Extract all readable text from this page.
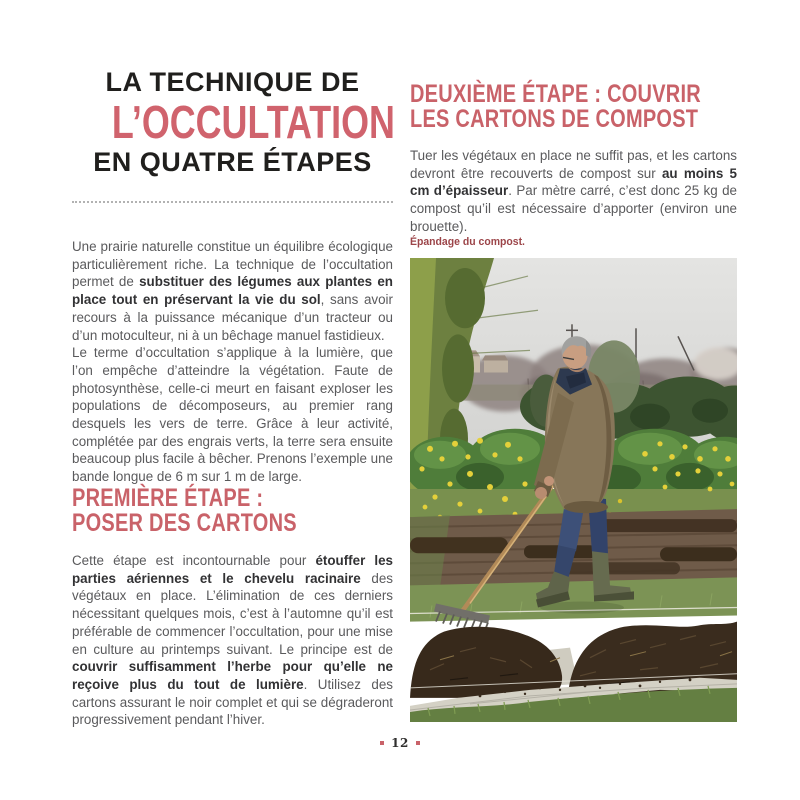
LA TECHNIQUE DE
L’OCCULTATION
EN QUATRE ÉTAPES

Une prairie naturelle constitue un équilibre écologique particulièrement riche. La technique de l’occultation permet de substituer des légumes aux plantes en place tout en préservant la vie du sol, sans avoir recours à la puissance mécanique d’un tracteur ou d’un motoculteur, ni à un bêchage manuel fastidieux.

Le terme d’occultation s’applique à la lumière, que l’on empêche d’atteindre la végétation. Faute de photosynthèse, celle-ci meurt en faisant exploser les populations de décomposeurs, au premier rang desquels les vers de terre. Grâce à leur activité, complétée par des engrais verts, la terre sera ensuite beaucoup plus facile à bêcher. Prenons l’exemple une bande longue de 6 m sur 1 m de large.

PREMIÈRE ÉTAPE :
POSER DES CARTONS

Cette étape est incontournable pour étouffer les parties aériennes et le chevelu racinaire des végétaux en place. L’élimination de ces derniers nécessitant quelques mois, c’est à l’automne qu’il est préférable de commencer l’occultation, pour une mise en culture au printemps suivant. Le principe est de couvrir suffisamment l’herbe pour qu’elle ne reçoive plus du tout de lumière. Utilisez des cartons assurant le noir complet et qui se dégraderont progressivement pendant l’hiver.

DEUXIÈME ÉTAPE : COUVRIR
LES CARTONS DE COMPOST

Tuer les végétaux en place ne suffit pas, et les cartons devront être recouverts de compost sur au moins 5 cm d’épaisseur. Par mètre carré, c’est donc 25 kg de compost qu’il est nécessaire d’apporter (environ une brouette).

Épandage du compost.
12
